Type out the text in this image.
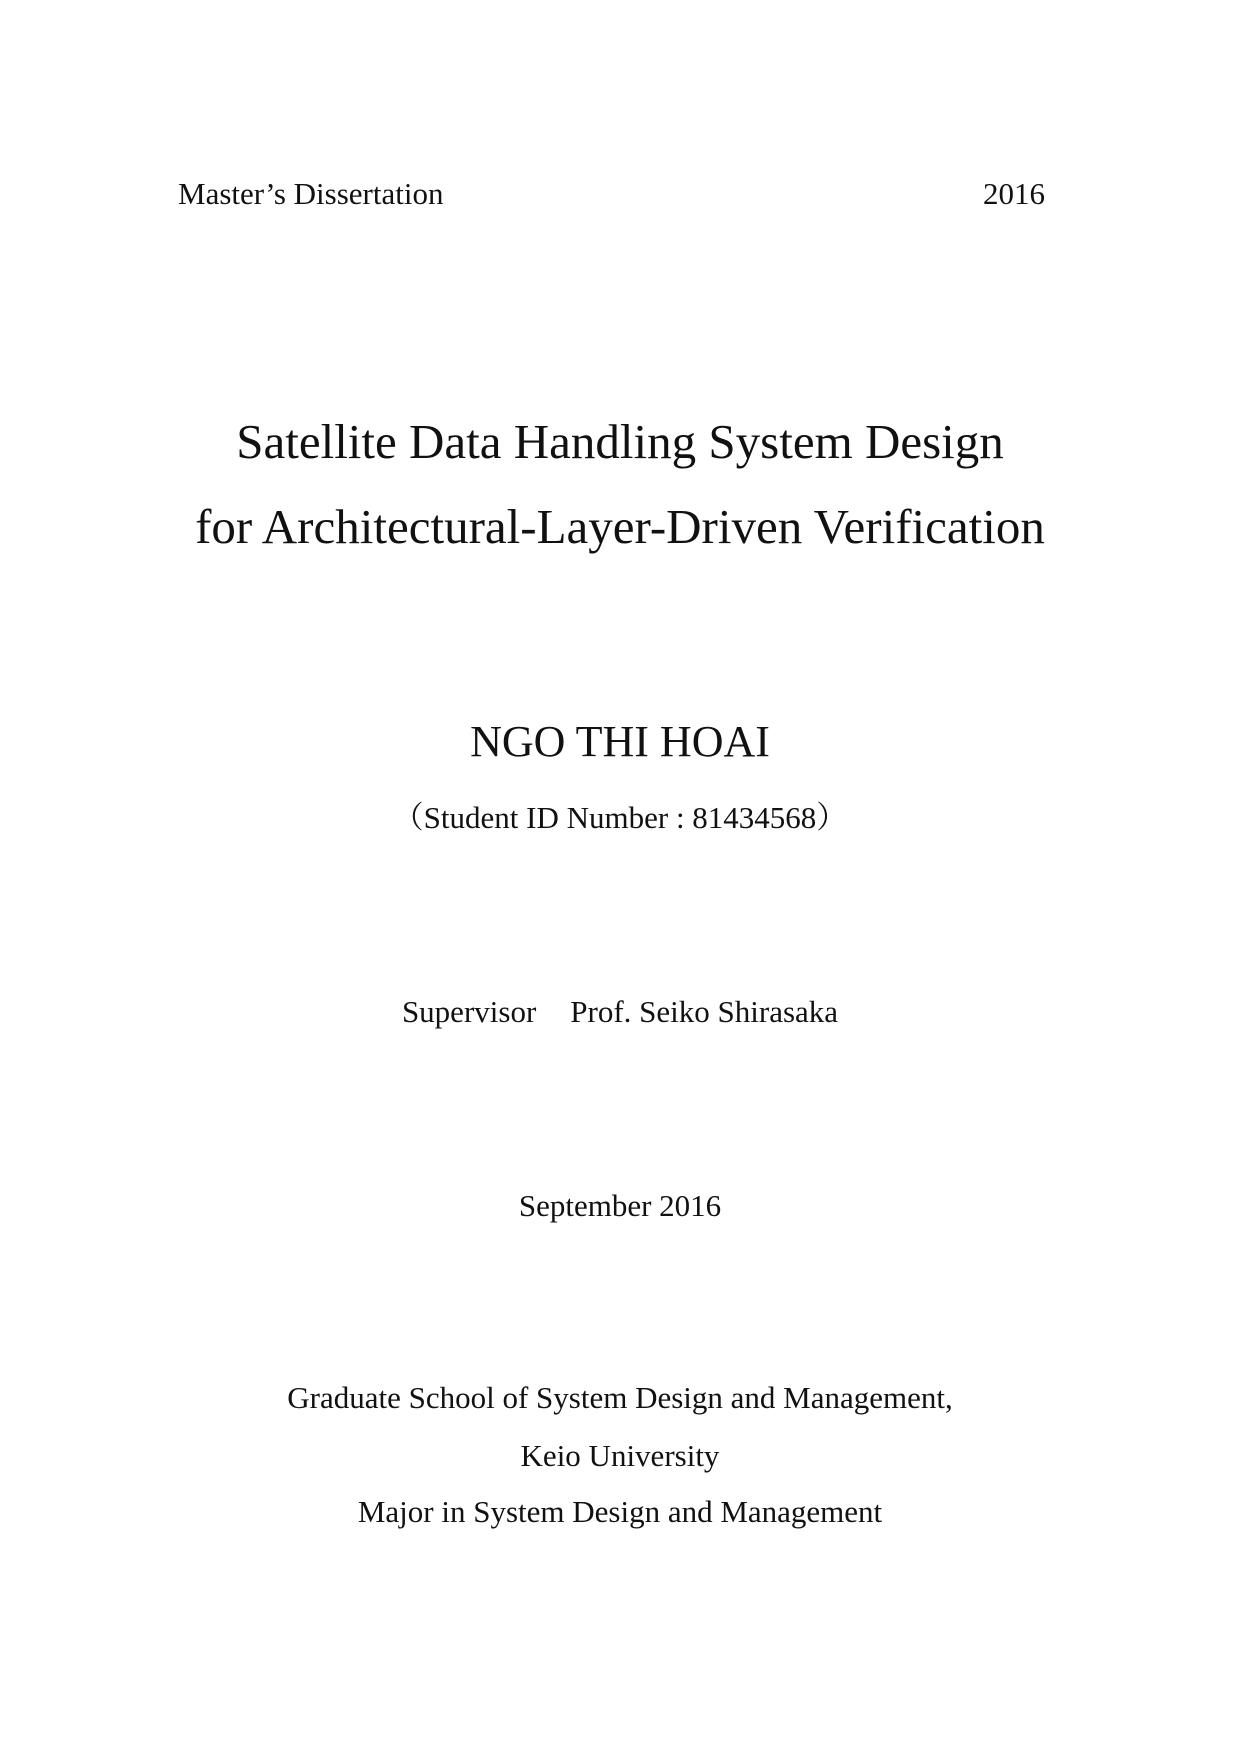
Master’s Dissertation	2016
Satellite Data Handling System Design
for Architectural-Layer-Driven Verification
NGO THI HOAI
（Student ID Number : 81434568）
Supervisor Prof. Seiko Shirasaka
September 2016
Graduate School of System Design and Management,
Keio University
Major in System Design and Management
